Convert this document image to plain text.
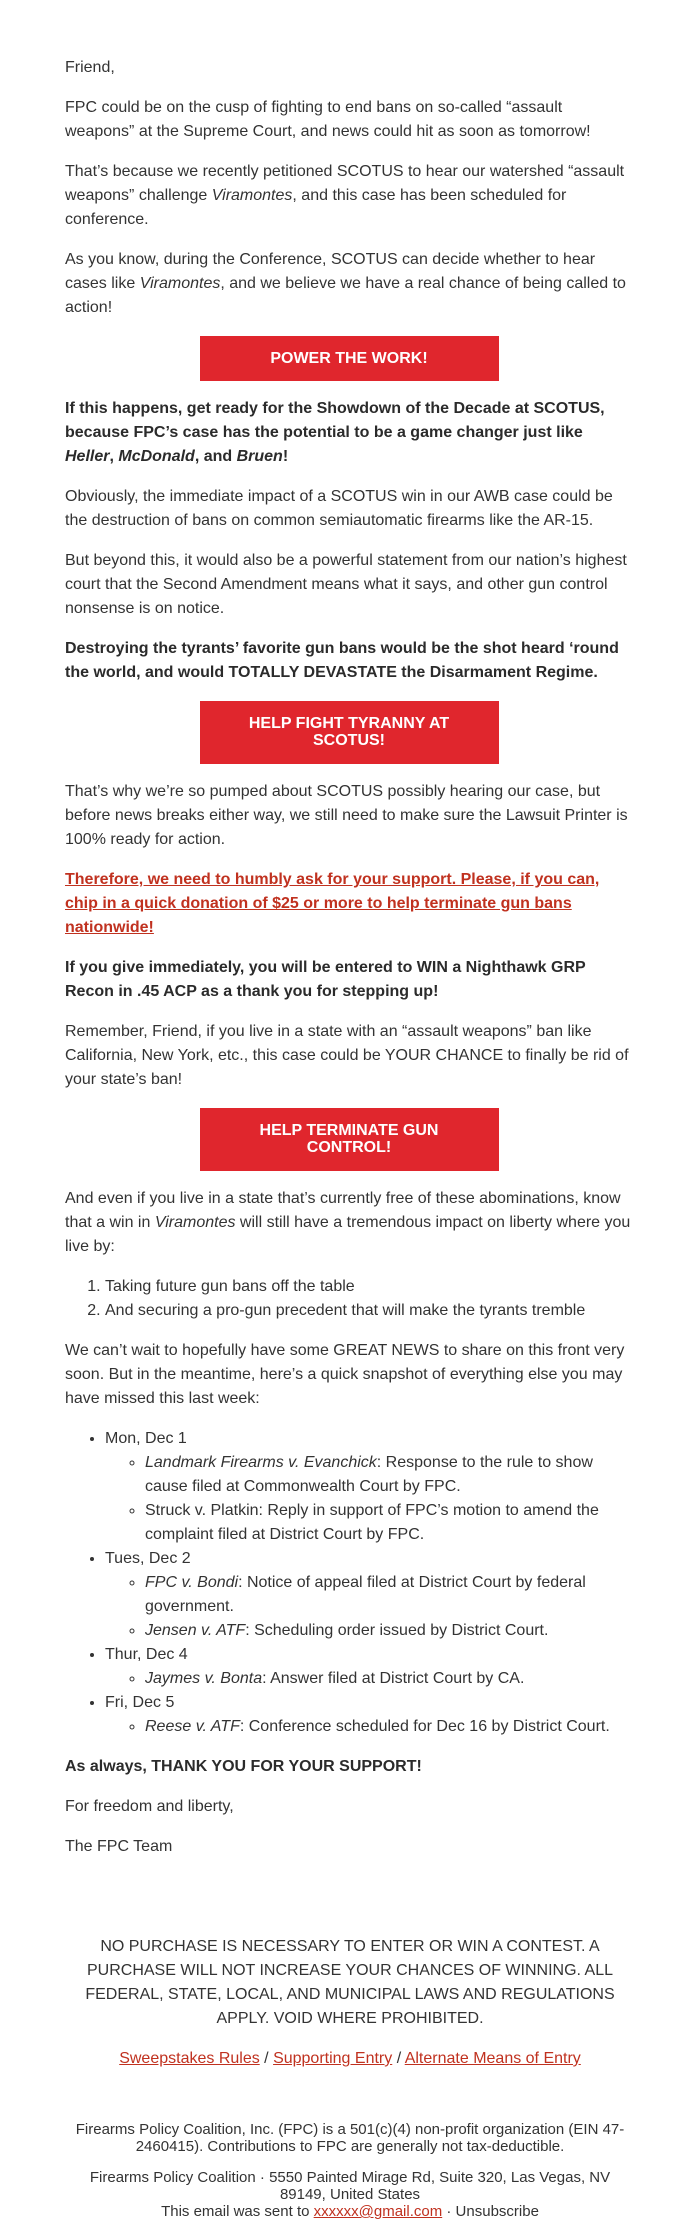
Friend,

FPC could be on the cusp of fighting to end bans on so-called “assault weapons” at the Supreme Court, and news could hit as soon as tomorrow!

That’s because we recently petitioned SCOTUS to hear our watershed “assault weapons” challenge Viramontes, and this case has been scheduled for conference.

As you know, during the Conference, SCOTUS can decide whether to hear cases like Viramontes, and we believe we have a real chance of being called to action!

POWER THE WORK!

If this happens, get ready for the Showdown of the Decade at SCOTUS, because FPC’s case has the potential to be a game changer just like Heller, McDonald, and Bruen!

Obviously, the immediate impact of a SCOTUS win in our AWB case could be the destruction of bans on common semiautomatic firearms like the AR-15.

But beyond this, it would also be a powerful statement from our nation’s highest court that the Second Amendment means what it says, and other gun control nonsense is on notice.

Destroying the tyrants’ favorite gun bans would be the shot heard ‘round the world, and would TOTALLY DEVASTATE the Disarmament Regime.

HELP FIGHT TYRANNY AT SCOTUS!

That’s why we’re so pumped about SCOTUS possibly hearing our case, but before news breaks either way, we still need to make sure the Lawsuit Printer is 100% ready for action.

Therefore, we need to humbly ask for your support. Please, if you can, chip in a quick donation of $25 or more to help terminate gun bans nationwide!

If you give immediately, you will be entered to WIN a Nighthawk GRP Recon in .45 ACP as a thank you for stepping up!

Remember, Friend, if you live in a state with an “assault weapons” ban like California, New York, etc., this case could be YOUR CHANCE to finally be rid of your state’s ban!

HELP TERMINATE GUN CONTROL!

And even if you live in a state that’s currently free of these abominations, know that a win in Viramontes will still have a tremendous impact on liberty where you live by:

1. Taking future gun bans off the table
2. And securing a pro-gun precedent that will make the tyrants tremble

We can’t wait to hopefully have some GREAT NEWS to share on this front very soon. But in the meantime, here’s a quick snapshot of everything else you may have missed this last week:

• Mon, Dec 1
◦ Landmark Firearms v. Evanchick: Response to the rule to show cause filed at Commonwealth Court by FPC.
◦ Struck v. Platkin: Reply in support of FPC’s motion to amend the complaint filed at District Court by FPC.
• Tues, Dec 2
◦ FPC v. Bondi: Notice of appeal filed at District Court by federal government.
◦ Jensen v. ATF: Scheduling order issued by District Court.
• Thur, Dec 4
◦ Jaymes v. Bonta: Answer filed at District Court by CA.
• Fri, Dec 5
◦ Reese v. ATF: Conference scheduled for Dec 16 by District Court.

As always, THANK YOU FOR YOUR SUPPORT!

For freedom and liberty,

The FPC Team

NO PURCHASE IS NECESSARY TO ENTER OR WIN A CONTEST. A PURCHASE WILL NOT INCREASE YOUR CHANCES OF WINNING. ALL FEDERAL, STATE, LOCAL, AND MUNICIPAL LAWS AND REGULATIONS APPLY. VOID WHERE PROHIBITED.

Sweepstakes Rules / Supporting Entry / Alternate Means of Entry

Firearms Policy Coalition, Inc. (FPC) is a 501(c)(4) non-profit organization (EIN 47-2460415). Contributions to FPC are generally not tax-deductible.

Firearms Policy Coalition · 5550 Painted Mirage Rd, Suite 320, Las Vegas, NV 89149, United States
This email was sent to xxxxxx@gmail.com · Unsubscribe
